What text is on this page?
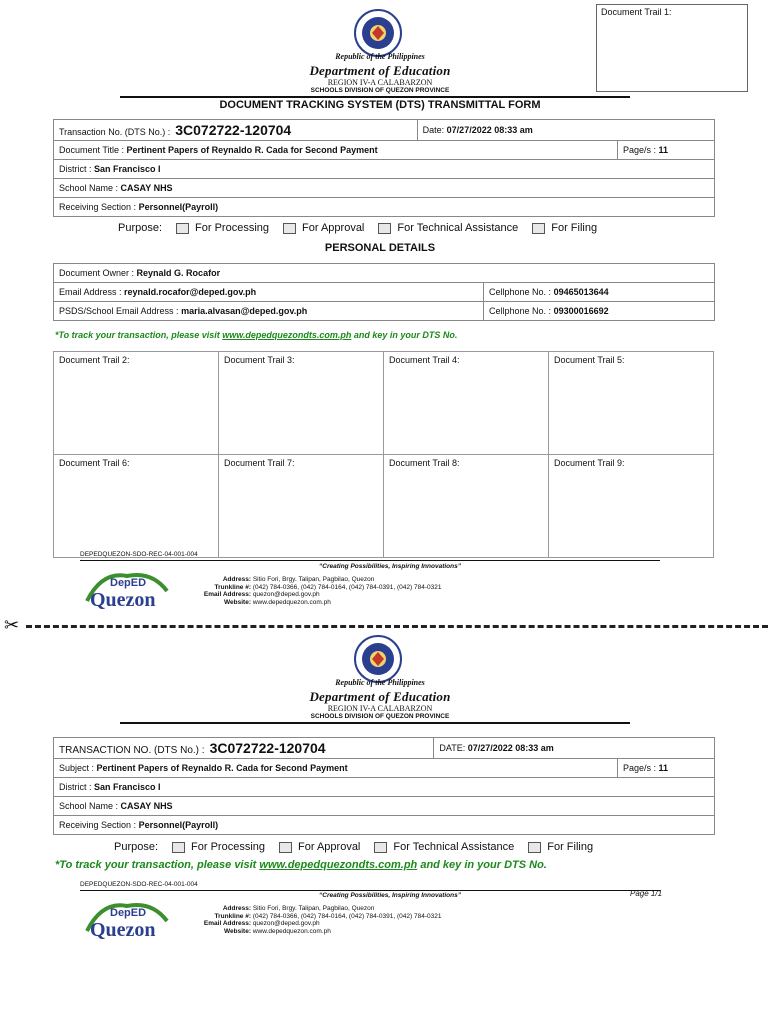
Document Trail 1:
Republic of the Philippines
Department of Education
REGION IV-A CALABARZON
SCHOOLS DIVISION OF QUEZON PROVINCE
DOCUMENT TRACKING SYSTEM (DTS) TRANSMITTAL FORM
Transaction No. (DTS No.) : 3C072722-120704	Date: 07/27/2022 08:33 am	
Document Title : Pertinent Papers of Reynaldo R. Cada for Second Payment		Page/s : 11
District : San Francisco I		
School Name : CASAY NHS		
Receiving Section : Personnel(Payroll)		
Purpose:	For Processing	For Approval	For Technical Assistance	For Filing
PERSONAL DETAILS
Document Owner : Reynald G. Rocafor	
Email Address : reynald.rocafor@deped.gov.ph	Cellphone No. : 09465013644
PSDS/School Email Address : maria.alvasan@deped.gov.ph	Cellphone No. : 09300016692
*To track your transaction, please visit www.depedquezondts.com.ph and key in your DTS No.
Document Trail 2:	Document Trail 3:	Document Trail 4:	Document Trail 5:
Document Trail 6:	Document Trail 7:	Document Trail 8:	Document Trail 9:
DEPEDQUEZON-SDO-REC-04-001-004
“Creating Possibilities, Inspiring Innovations”
DepED
Quezon
Address: Sitio Fori, Brgy. Talipan, Pagbilao, Quezon
Trunkline #: (042) 784-0366, (042) 784-0164, (042) 784-0391, (042) 784-0321
Email Address: quezon@deped.gov.ph
Website: www.depedquezon.com.ph
✂
Republic of the Philippines
Department of Education
REGION IV-A CALABARZON
SCHOOLS DIVISION OF QUEZON PROVINCE
TRANSACTION NO. (DTS No.) : 3C072722-120704	DATE: 07/27/2022 08:33 am	
Subject : Pertinent Papers of Reynaldo R. Cada for Second Payment		Page/s : 11
District : San Francisco I		
School Name : CASAY NHS		
Receiving Section : Personnel(Payroll)		
Purpose:	For Processing	For Approval	For Technical Assistance	For Filing
*To track your transaction, please visit www.depedquezondts.com.ph and key in your DTS No.
DEPEDQUEZON-SDO-REC-04-001-004
“Creating Possibilities, Inspiring Innovations”	Page 1/1
DepED
Quezon
Address: Sitio Fori, Brgy. Talipan, Pagbilao, Quezon
Trunkline #: (042) 784-0366, (042) 784-0164, (042) 784-0391, (042) 784-0321
Email Address: quezon@deped.gov.ph
Website: www.depedquezon.com.ph
